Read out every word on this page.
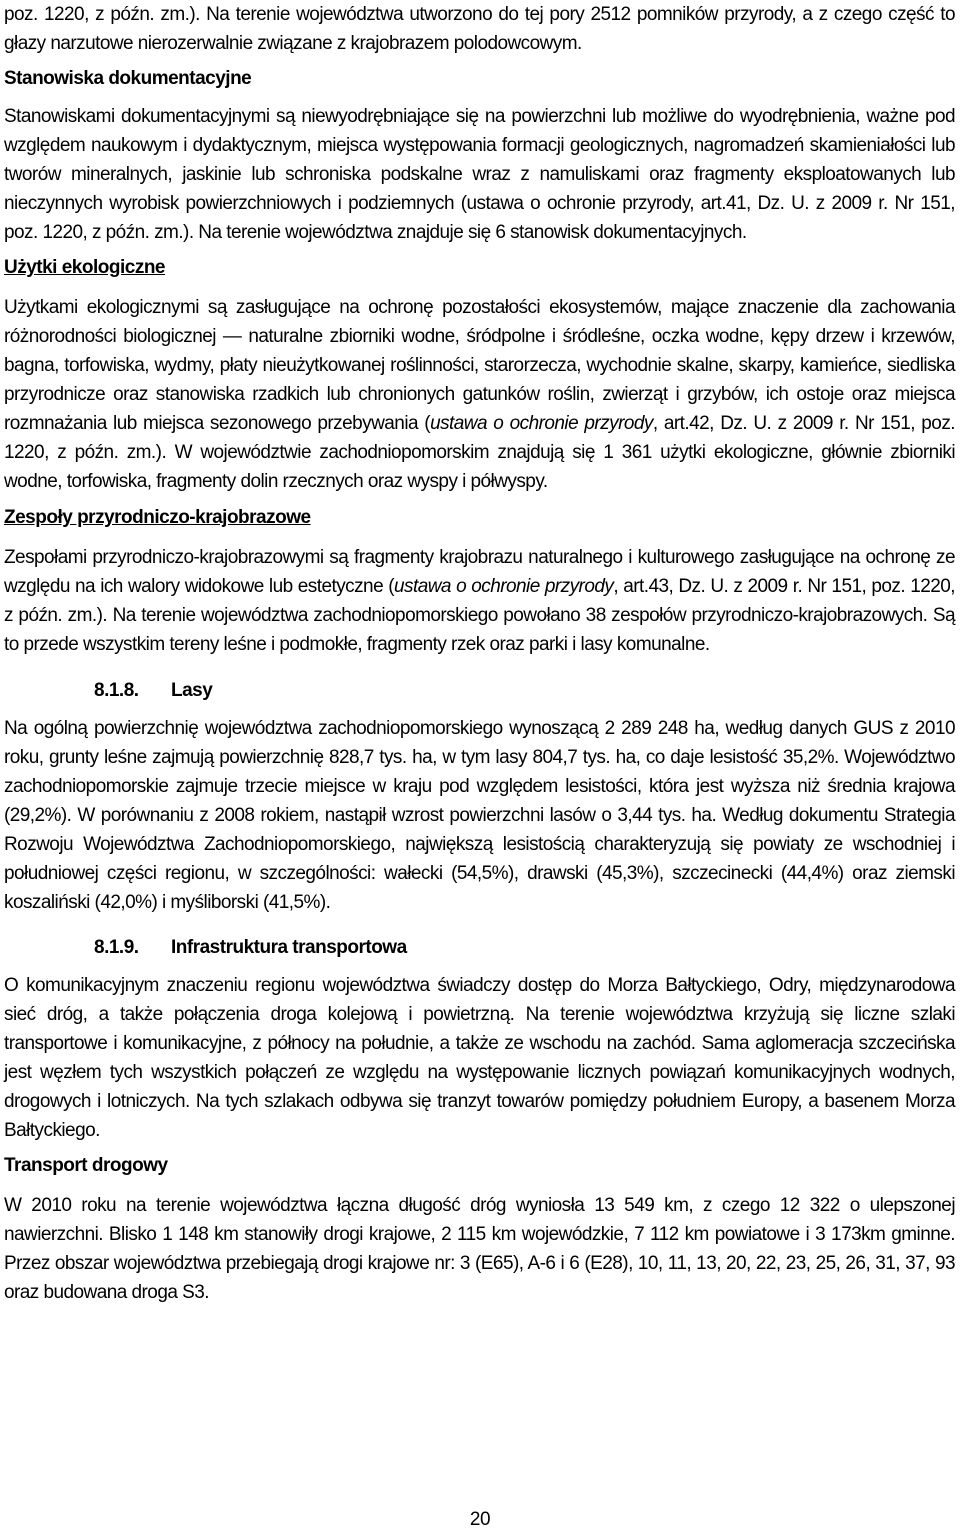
poz. 1220, z późn. zm.). Na terenie województwa utworzono do tej pory 2512 pomników przyrody, a z czego część to głazy narzutowe nierozerwalnie związane z krajobrazem polodowcowym.

Stanowiska dokumentacyjne

Stanowiskami dokumentacyjnymi są niewyodrębniające się na powierzchni lub możliwe do wyodrębnienia, ważne pod względem naukowym i dydaktycznym, miejsca występowania formacji geologicznych, nagromadzeń skamieniałości lub tworów mineralnych, jaskinie lub schroniska podskalne wraz z namuliskami oraz fragmenty eksploatowanych lub nieczynnych wyrobisk powierzchniowych i podziemnych (ustawa o ochronie przyrody, art.41, Dz. U. z 2009 r. Nr 151, poz. 1220, z późn. zm.). Na terenie województwa znajduje się 6 stanowisk dokumentacyjnych.

Użytki ekologiczne

Użytkami ekologicznymi są zasługujące na ochronę pozostałości ekosystemów, mające znaczenie dla zachowania różnorodności biologicznej — naturalne zbiorniki wodne, śródpolne i śródleśne, oczka wodne, kępy drzew i krzewów, bagna, torfowiska, wydmy, płaty nieużytkowanej roślinności, starorzecza, wychodnie skalne, skarpy, kamieńce, siedliska przyrodnicze oraz stanowiska rzadkich lub chronionych gatunków roślin, zwierząt i grzybów, ich ostoje oraz miejsca rozmnażania lub miejsca sezonowego przebywania (ustawa o ochronie przyrody, art.42, Dz. U. z 2009 r. Nr 151, poz. 1220, z późn. zm.). W województwie zachodniopomorskim znajdują się 1 361 użytki ekologiczne, głównie zbiorniki wodne, torfowiska, fragmenty dolin rzecznych oraz wyspy i półwyspy.

Zespoły przyrodniczo-krajobrazowe

Zespołami przyrodniczo-krajobrazowymi są fragmenty krajobrazu naturalnego i kulturowego zasługujące na ochronę ze względu na ich walory widokowe lub estetyczne (ustawa o ochronie przyrody, art.43, Dz. U. z 2009 r. Nr 151, poz. 1220, z późn. zm.). Na terenie województwa zachodniopomorskiego powołano 38 zespołów przyrodniczo-krajobrazowych. Są to przede wszystkim tereny leśne i podmokłe, fragmenty rzek oraz parki i lasy komunalne.

8.1.8.	Lasy

Na ogólną powierzchnię województwa zachodniopomorskiego wynoszącą 2 289 248 ha, według danych GUS z 2010 roku, grunty leśne zajmują powierzchnię 828,7 tys. ha, w tym lasy 804,7 tys. ha, co daje lesistość 35,2%. Województwo zachodniopomorskie zajmuje trzecie miejsce w kraju pod względem lesistości, która jest wyższa niż średnia krajowa (29,2%). W porównaniu z 2008 rokiem, nastąpił wzrost powierzchni lasów o 3,44 tys. ha. Według dokumentu Strategia Rozwoju Województwa Zachodniopomorskiego, największą lesistością charakteryzują się powiaty ze wschodniej i południowej części regionu, w szczególności: wałecki (54,5%), drawski (45,3%), szczecinecki (44,4%) oraz ziemski koszaliński (42,0%) i myśliborski (41,5%).

8.1.9.	Infrastruktura transportowa

O komunikacyjnym znaczeniu regionu województwa świadczy dostęp do Morza Bałtyckiego, Odry, międzynarodowa sieć dróg, a także połączenia droga kolejową i powietrzną. Na terenie województwa krzyżują się liczne szlaki transportowe i komunikacyjne, z północy na południe, a także ze wschodu na zachód. Sama aglomeracja szczecińska jest węzłem tych wszystkich połączeń ze względu na występowanie licznych powiązań komunikacyjnych wodnych, drogowych i lotniczych. Na tych szlakach odbywa się tranzyt towarów pomiędzy południem Europy, a basenem Morza Bałtyckiego.

Transport drogowy

W 2010 roku na terenie województwa łączna długość dróg wyniosła 13 549 km, z czego 12 322 o ulepszonej nawierzchni. Blisko 1 148 km stanowiły drogi krajowe, 2 115 km wojewódzkie, 7 112 km powiatowe i 3 173km gminne. Przez obszar województwa przebiegają drogi krajowe nr: 3 (E65), A-6 i 6 (E28), 10, 11, 13, 20, 22, 23, 25, 26, 31, 37, 93 oraz budowana droga S3.

20
